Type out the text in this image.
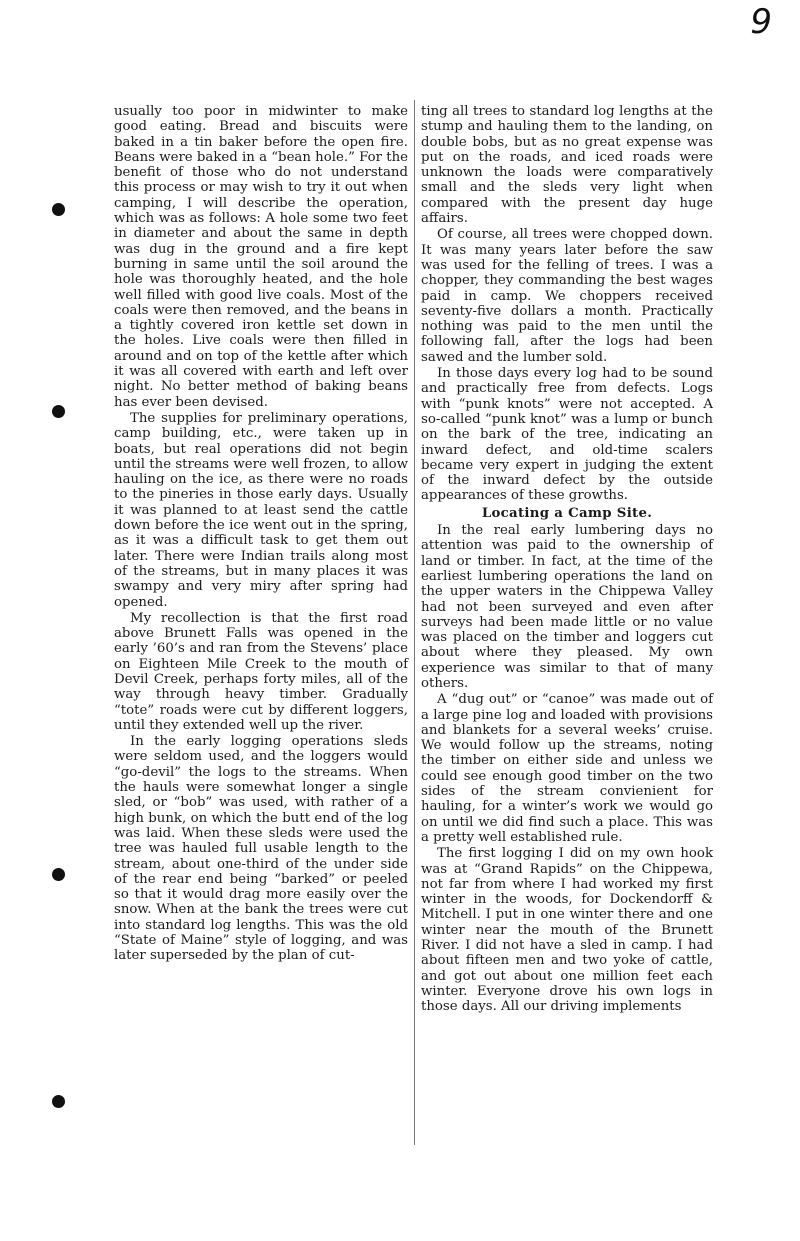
9

usually too poor in midwinter to make good eating. Bread and biscuits were baked in a tin baker before the open fire. Beans were baked in a “bean hole.” For the benefit of those who do not understand this process or may wish to try it out when camping, I will describe the operation, which was as follows: A hole some two feet in diameter and about the same in depth was dug in the ground and a fire kept burning in same until the soil around the hole was thoroughly heated, and the hole well filled with good live coals. Most of the coals were then removed, and the beans in a tightly covered iron kettle set down in the holes. Live coals were then filled in around and on top of the kettle after which it was all covered with earth and left over night. No better method of baking beans has ever been devised.

The supplies for preliminary operations, camp building, etc., were taken up in boats, but real operations did not begin until the streams were well frozen, to allow hauling on the ice, as there were no roads to the pineries in those early days. Usually it was planned to at least send the cattle down before the ice went out in the spring, as it was a difficult task to get them out later. There were Indian trails along most of the streams, but in many places it was swampy and very miry after spring had opened.

My recollection is that the first road above Brunett Falls was opened in the early ’60’s and ran from the Stevens’ place on Eighteen Mile Creek to the mouth of Devil Creek, perhaps forty miles, all of the way through heavy timber. Gradually “tote” roads were cut by different loggers, until they extended well up the river.

In the early logging operations sleds were seldom used, and the loggers would “go-devil” the logs to the streams. When the hauls were somewhat longer a single sled, or “bob” was used, with rather of a high bunk, on which the butt end of the log was laid. When these sleds were used the tree was hauled full usable length to the stream, about one-third of the under side of the rear end being “barked” or peeled so that it would drag more easily over the snow. When at the bank the trees were cut into standard log lengths. This was the old “State of Maine” style of logging, and was later superseded by the plan of cut-

ting all trees to standard log lengths at the stump and hauling them to the landing, on double bobs, but as no great expense was put on the roads, and iced roads were unknown the loads were comparatively small and the sleds very light when compared with the present day huge affairs.

Of course, all trees were chopped down. It was many years later before the saw was used for the felling of trees. I was a chopper, they commanding the best wages paid in camp. We choppers received seventy-five dollars a month. Practically nothing was paid to the men until the following fall, after the logs had been sawed and the lumber sold.

In those days every log had to be sound and practically free from defects. Logs with “punk knots” were not accepted. A so-called “punk knot” was a lump or bunch on the bark of the tree, indicating an inward defect, and old-time scalers became very expert in judging the extent of the inward defect by the outside appearances of these growths.

Locating a Camp Site.

In the real early lumbering days no attention was paid to the ownership of land or timber. In fact, at the time of the earliest lumbering operations the land on the upper waters in the Chippewa Valley had not been surveyed and even after surveys had been made little or no value was placed on the timber and loggers cut about where they pleased. My own experience was similar to that of many others.

A “dug out” or “canoe” was made out of a large pine log and loaded with provisions and blankets for a several weeks’ cruise. We would follow up the streams, noting the timber on either side and unless we could see enough good timber on the two sides of the stream convienient for hauling, for a winter’s work we would go on until we did find such a place. This was a pretty well established rule.

The first logging I did on my own hook was at “Grand Rapids” on the Chippewa, not far from where I had worked my first winter in the woods, for Dockendorff & Mitchell. I put in one winter there and one winter near the mouth of the Brunett River. I did not have a sled in camp. I had about fifteen men and two yoke of cattle, and got out about one million feet each winter. Everyone drove his own logs in those days. All our driving implements
